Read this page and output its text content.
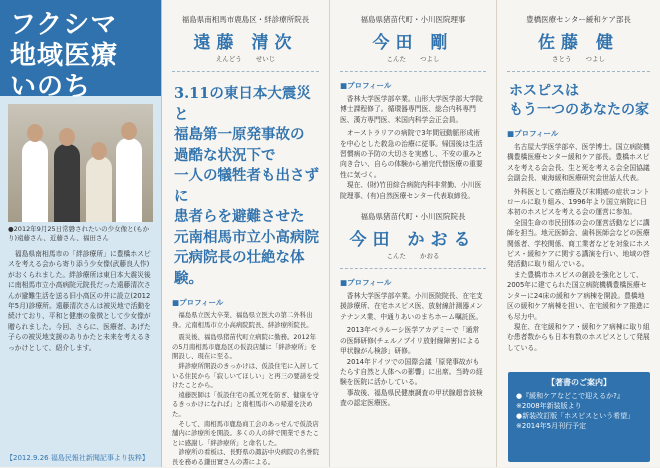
フクシマ
地域医療
いのち
●2012年9月25日常磐されたいの少女像と(もかり)遠藤さん、近藤さん、福田さん
福島県南相馬市の「絆診療所」に豊橋ホスピスを考える会から寄り添う少女像(武藤良人作)がおくられました。絆診療所は東日本大震災後に南相馬市立小高病院元院長だった遠藤清次さんが避難生活を送る旧小高区の井に設立(2012年5月)診療所。遠藤清次さんは被災地で活動を続けており、平和と健康の象徴として少女像が贈られました。今回、さらに、医療者、あげた子らの被災地支援のありかたと未来を考えるきっかけとして、紹介します。
【2012.9.26 福島民報社新聞記事より抜粋】
福島県南相馬市鹿島区・絆診療所院長
遠藤 清次
えんどう せいじ
3.11の東日本大震災と
福島第一原発事故の
過酷な状況下で
一人の犠牲者も出さずに
患者らを避難させた
元南相馬市立小高病院
元病院長の壮絶な体験。
■プロフィール
福島県立医大卒業、福島県立医大の第二外科出身。元南相馬市立小高病院院長、絆診療所院長。

震災後、福島県猪苗代町立病院に勤務。2012年の5月南相馬市鹿島区の仮設店舗に「絆診療所」を開設し、現在に至る。

絆診療所開設のきっかけは、仮設住宅に入居している住民から「寂しいてほしい」と再三の要請を受けたことから。

遠藤医師は「仮設住宅の孤立死を防ぎ、健康を守るきっかけになれば」と南相馬市への帰還を決めた。

そして、南相馬市鹿島商工会のあっせんで仮設店舗内に診療所を開設。多くの人の絆で開業できたことに感謝し「絆診療所」と命名した。

診療所の看板は、長野県の諏訪中央病院の名誉院長を務める鎌田實さんの書による。

福島県猪苗代町・小川医院理事
今田 剛
こんた つよし
■プロフィール
香林大学医学部卒業。山形大学医学部大学院博士課程修了。循環器専門医、総合内科専門医、漢方専門医、米国内科学会正会員。

オーストラリアの病院で3年間冠動脈形成術を中心とした救急の治療に従事。帰国後は生活習慣病の予防の大切さを実感し、不安の重みと向き合い、自らの体験から補完代替医療の重要性に気づく。

現在、(財)竹田綜合病院内科非常勤、小川医院理事、(有)自然医療センター代表取締役。

福島県猪苗代町・小川医院院長
今田 かおる
こんた かおる
■プロフィール
香林大学医学部卒業。小川医院院長、在宅支援診療所、在宅ホスピス医、放射線計測器メンテナンス業、中通りあいのまちホーム嘱託医。

2013年ベラルーシ医学アカデミーで「通常の医師研修(チェルノブイリ放射線障害)による甲状腺がん検診」研修。

2014年ドイツでの国際会議「原発事故がもたらす自然と人体への影響」に出席。当時の経験を医院に活かしている。

事故後、福島県民健康調査の甲状腺超音波検査の認定医療医。

豊橋医療センター緩和ケア部長
佐藤 健
さとう つよし
ホスピスは
もう一つのあなたの家
■プロフィール
名古屋大学医学部卒、医学博士。国立病院機構豊橋医療センター緩和ケア部長。豊橋ホスピスを考える会会長、生と死を考える会全国協議会副会長、東海緩和医療研究会世話人代表。

外科医として癌治療及び末期癌の症状コントロールに取り組み、1996年より国立病院に日本初のホスピスを考える会の運営に参加。

全国生命の市民団体の会の運営活動などに講師を担当。地元医師会、歯科医師会などの医療関係者、学校関係、商工業者などを対象にホスピス・緩和ケアに関する講演を行い、地域の啓発活動に取り組んでいる。

また豊橋市ホスピスの創設を強化として、2005年に建てられた国立病院機構豊橋医療センターに24床の緩和ケア病棟を開設。豊橋地区の緩和ケア病棟を担い、在宅緩和ケア推進にも尽力中。

現在、在宅緩和ケア・緩和ケア病棟に取り組む患者数からも日本有数のホスピスとして発展している。

【著書のご案内】
●『緩和ケアなどこで迎えるか?』
※2008年新装版より
●新装改訂版「ホスピスという希望」
※2014年5月刊行予定
